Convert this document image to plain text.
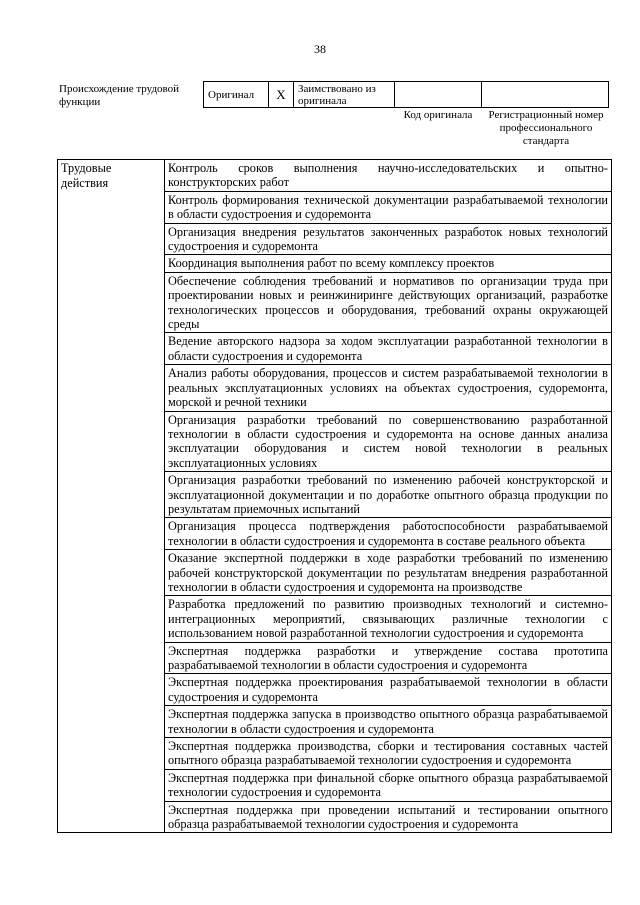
38
Происхождение трудовой функции
Оригинал	X	Заимствовано из оригинала		
Код оригинала	Регистрационный номер профессионального стандарта
Трудовые действия	Контроль сроков выполнения научно-исследовательских и опытно-конструкторских работ
Контроль формирования технической документации разрабатываемой технологии в области судостроения и судоремонта
Организация внедрения результатов законченных разработок новых технологий судостроения и судоремонта
Координация выполнения работ по всему комплексу проектов
Обеспечение соблюдения требований и нормативов по организации труда при проектировании новых и реинжиниринге действующих организаций, разработке технологических процессов и оборудования, требований охраны окружающей среды
Ведение авторского надзора за ходом эксплуатации разработанной технологии в области судостроения и судоремонта
Анализ работы оборудования, процессов и систем разрабатываемой технологии в реальных эксплуатационных условиях на объектах судостроения, судоремонта, морской и речной техники
Организация разработки требований по совершенствованию разработанной технологии в области судостроения и судоремонта на основе данных анализа эксплуатации оборудования и систем новой технологии в реальных эксплуатационных условиях
Организация разработки требований по изменению рабочей конструкторской и эксплуатационной документации и по доработке опытного образца продукции по результатам приемочных испытаний
Организация процесса подтверждения работоспособности разрабатываемой технологии в области судостроения и судоремонта в составе реального объекта
Оказание экспертной поддержки в ходе разработки требований по изменению рабочей конструкторской документации по результатам внедрения разработанной технологии в области судостроения и судоремонта на производстве
Разработка предложений по развитию производных технологий и системно-интеграционных мероприятий, связывающих различные технологии с использованием новой разработанной технологии судостроения и судоремонта
Экспертная поддержка разработки и утверждение состава прототипа разрабатываемой технологии в области судостроения и судоремонта
Экспертная поддержка проектирования разрабатываемой технологии в области судостроения и судоремонта
Экспертная поддержка запуска в производство опытного образца разрабатываемой технологии в области судостроения и судоремонта
Экспертная поддержка производства, сборки и тестирования составных частей опытного образца разрабатываемой технологии судостроения и судоремонта
Экспертная поддержка при финальной сборке опытного образца разрабатываемой технологии судостроения и судоремонта
Экспертная поддержка при проведении испытаний и тестировании опытного образца разрабатываемой технологии судостроения и судоремонта
